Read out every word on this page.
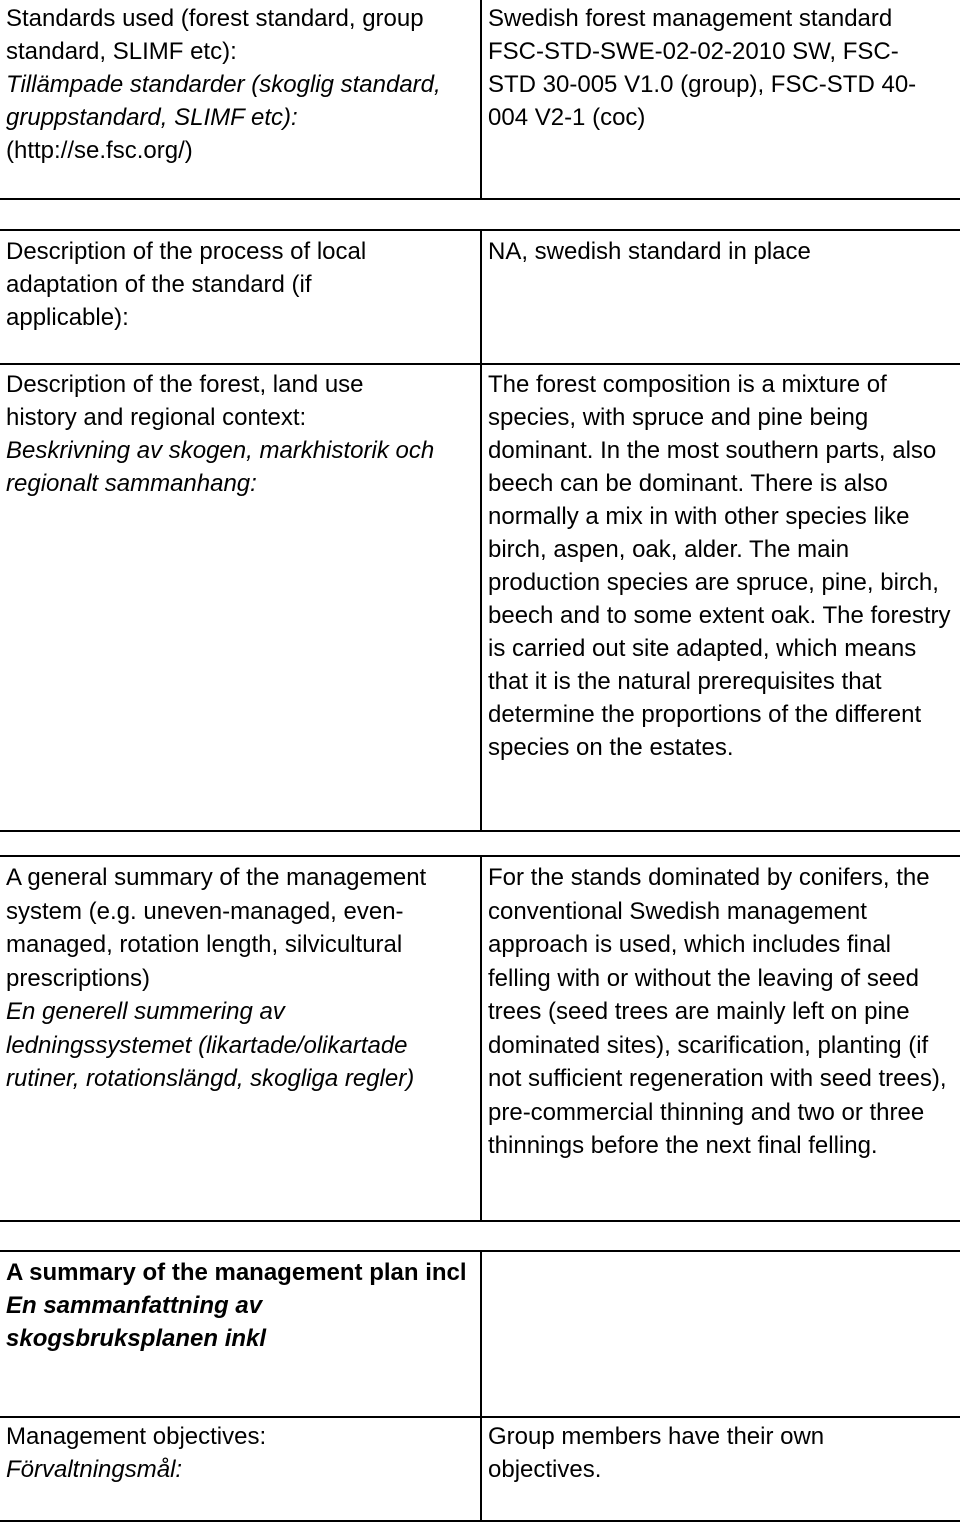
Standards used (forest standard, group standard, SLIMF etc):

Tillämpade standarder (skoglig standard, gruppstandard, SLIMF etc):

(http://se.fsc.org/)

Swedish forest management standard FSC-STD-SWE-02-02-2010 SW, FSC-STD 30-005 V1.0 (group), FSC-STD 40-004 V2-1 (coc)

Description of the process of local adaptation of the standard (if applicable):

NA, swedish standard in place

Description of the forest, land use history and regional context:

Beskrivning av skogen, markhistorik och regionalt sammanhang:

The forest composition is a mixture of species, with spruce and pine being dominant. In the most southern parts, also beech can be dominant. There is also normally a mix in with other species like birch, aspen, oak, alder. The main production species are spruce, pine, birch, beech and to some extent oak. The forestry is carried out site adapted, which means that it is the natural prerequisites that determine the proportions of the different species on the estates.

A general summary of the management system (e.g. uneven-managed, even-managed, rotation length, silvicultural prescriptions)

En generell summering av ledningssystemet (likartade/olikartade rutiner, rotationslängd, skogliga regler)

For the stands dominated by conifers, the conventional Swedish management approach is used, which includes final felling with or without the leaving of seed trees (seed trees are mainly left on pine dominated sites), scarification, planting (if not sufficient regeneration with seed trees), pre-commercial thinning and two or three thinnings before the next final felling.

A summary of the management plan incl

En sammanfattning av skogsbruksplanen inkl

Management objectives:

Förvaltningsmål:

Group members have their own objectives.
